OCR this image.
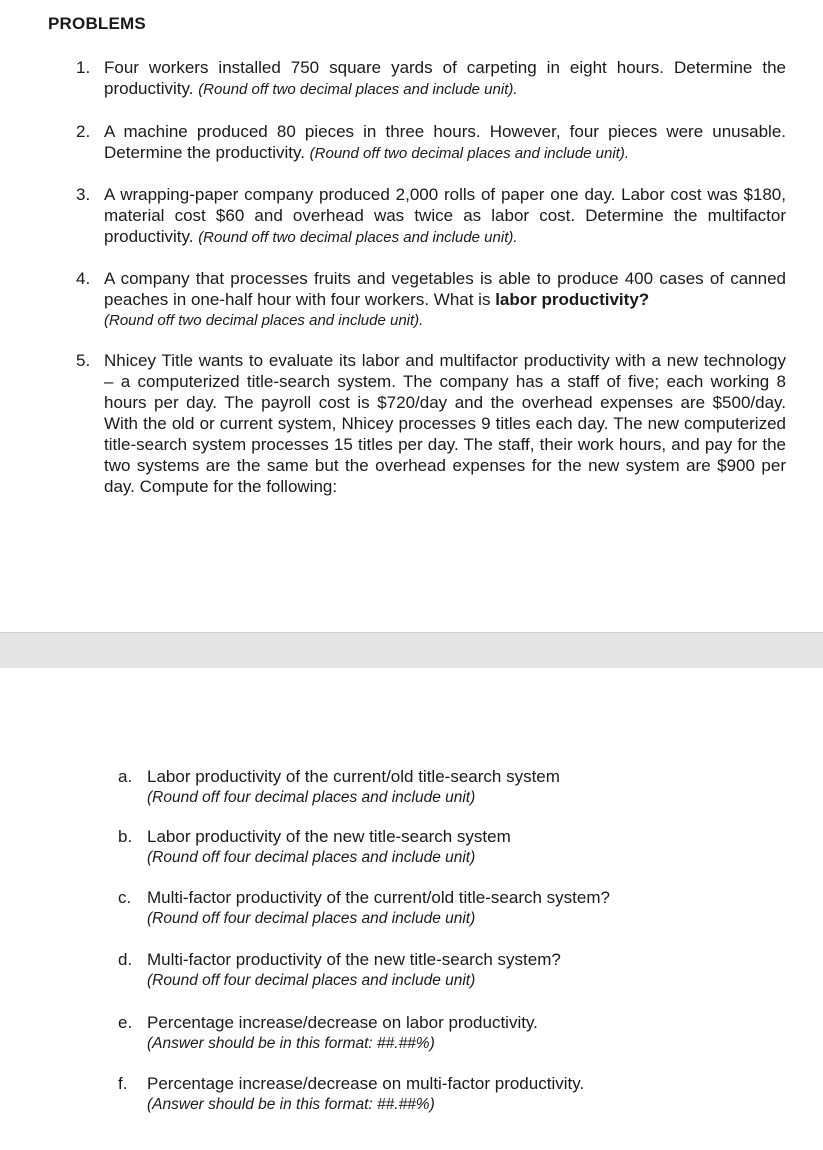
PROBLEMS
1. Four workers installed 750 square yards of carpeting in eight hours. Determine the productivity. (Round off two decimal places and include unit).
2. A machine produced 80 pieces in three hours. However, four pieces were unusable. Determine the productivity. (Round off two decimal places and include unit).
3. A wrapping-paper company produced 2,000 rolls of paper one day. Labor cost was $180, material cost $60 and overhead was twice as labor cost. Determine the multifactor productivity. (Round off two decimal places and include unit).
4. A company that processes fruits and vegetables is able to produce 400 cases of canned peaches in one-half hour with four workers. What is labor productivity?
(Round off two decimal places and include unit).
5. Nhicey Title wants to evaluate its labor and multifactor productivity with a new technology – a computerized title-search system. The company has a staff of five; each working 8 hours per day. The payroll cost is $720/day and the overhead expenses are $500/day. With the old or current system, Nhicey processes 9 titles each day. The new computerized title-search system processes 15 titles per day. The staff, their work hours, and pay for the two systems are the same but the overhead expenses for the new system are $900 per day. Compute for the following:
a. Labor productivity of the current/old title-search system
(Round off four decimal places and include unit)
b. Labor productivity of the new title-search system
(Round off four decimal places and include unit)
c. Multi-factor productivity of the current/old title-search system?
(Round off four decimal places and include unit)
d. Multi-factor productivity of the new title-search system?
(Round off four decimal places and include unit)
e. Percentage increase/decrease on labor productivity.
(Answer should be in this format: ##.##%)
f. Percentage increase/decrease on multi-factor productivity.
(Answer should be in this format: ##.##%)
